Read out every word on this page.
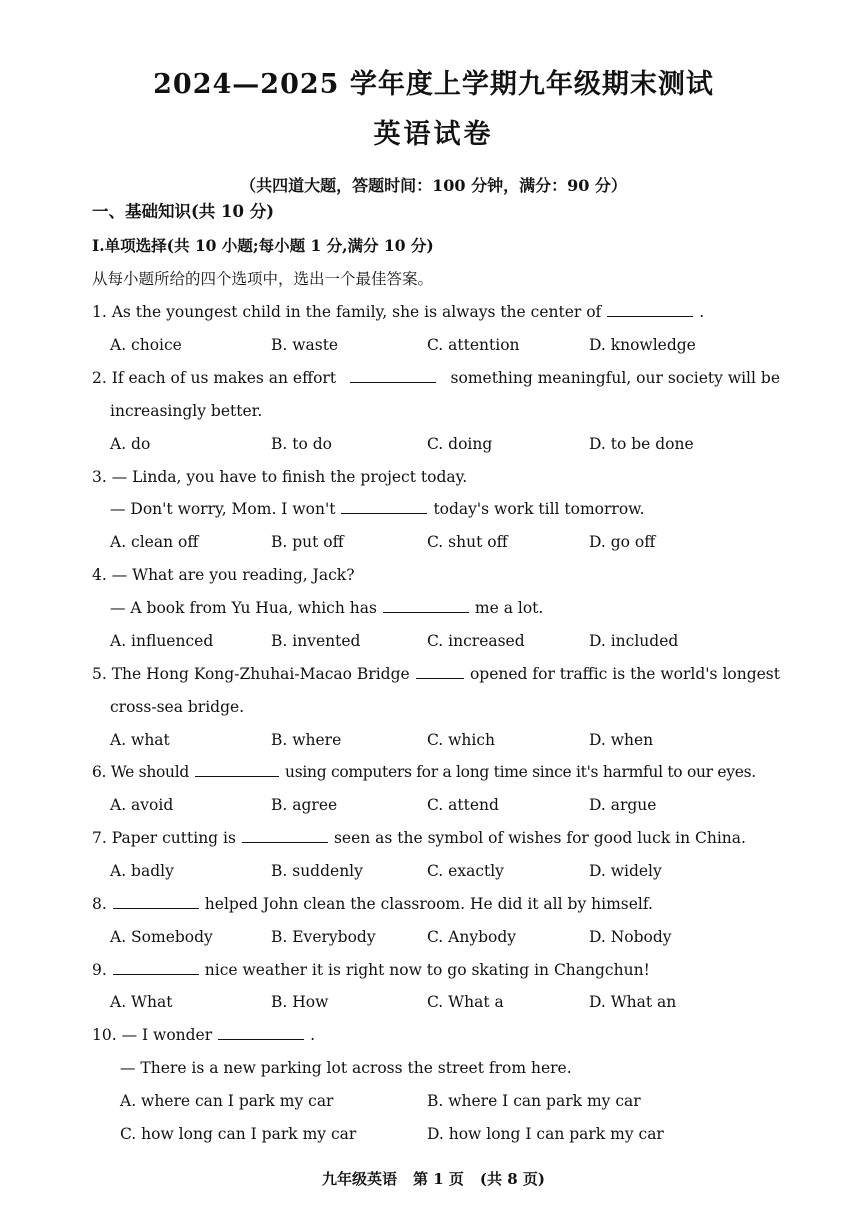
2024—2025 学年度上学期九年级期末测试
英语试卷
（共四道大题，答题时间：100 分钟，满分：90 分）
一、基础知识(共 10 分)
Ⅰ.单项选择(共 10 小题;每小题 1 分,满分 10 分)
从每小题所给的四个选项中，选出一个最佳答案。
1. As the youngest child in the family, she is always the center of	.
A. choice	B. waste	C. attention	D. knowledge
2. If each of us makes an effort	something meaningful, our society will be
increasingly better.
A. do	B. to do	C. doing	D. to be done
3. — Linda, you have to finish the project today.
— Don't worry, Mom. I won't	today's work till tomorrow.
A. clean off	B. put off	C. shut off	D. go off
4. — What are you reading, Jack?
— A book from Yu Hua, which has	me a lot.
A. influenced	B. invented	C. increased	D. included
5. The Hong Kong-Zhuhai-Macao Bridge	opened for traffic is the world's longest
cross-sea bridge.
A. what	B. where	C. which	D. when
6. We should	using computers for a long time since it's harmful to our eyes.
A. avoid	B. agree	C. attend	D. argue
7. Paper cutting is	seen as the symbol of wishes for good luck in China.
A. badly	B. suddenly	C. exactly	D. widely
8.	helped John clean the classroom. He did it all by himself.
A. Somebody	B. Everybody	C. Anybody	D. Nobody
9.	nice weather it is right now to go skating in Changchun!
A. What	B. How	C. What a	D. What an
10. — I wonder	.
— There is a new parking lot across the street from here.
A. where can I park my car	B. where I can park my car
C. how long can I park my car	D. how long I can park my car
九年级英语 第 1 页 (共 8 页)
